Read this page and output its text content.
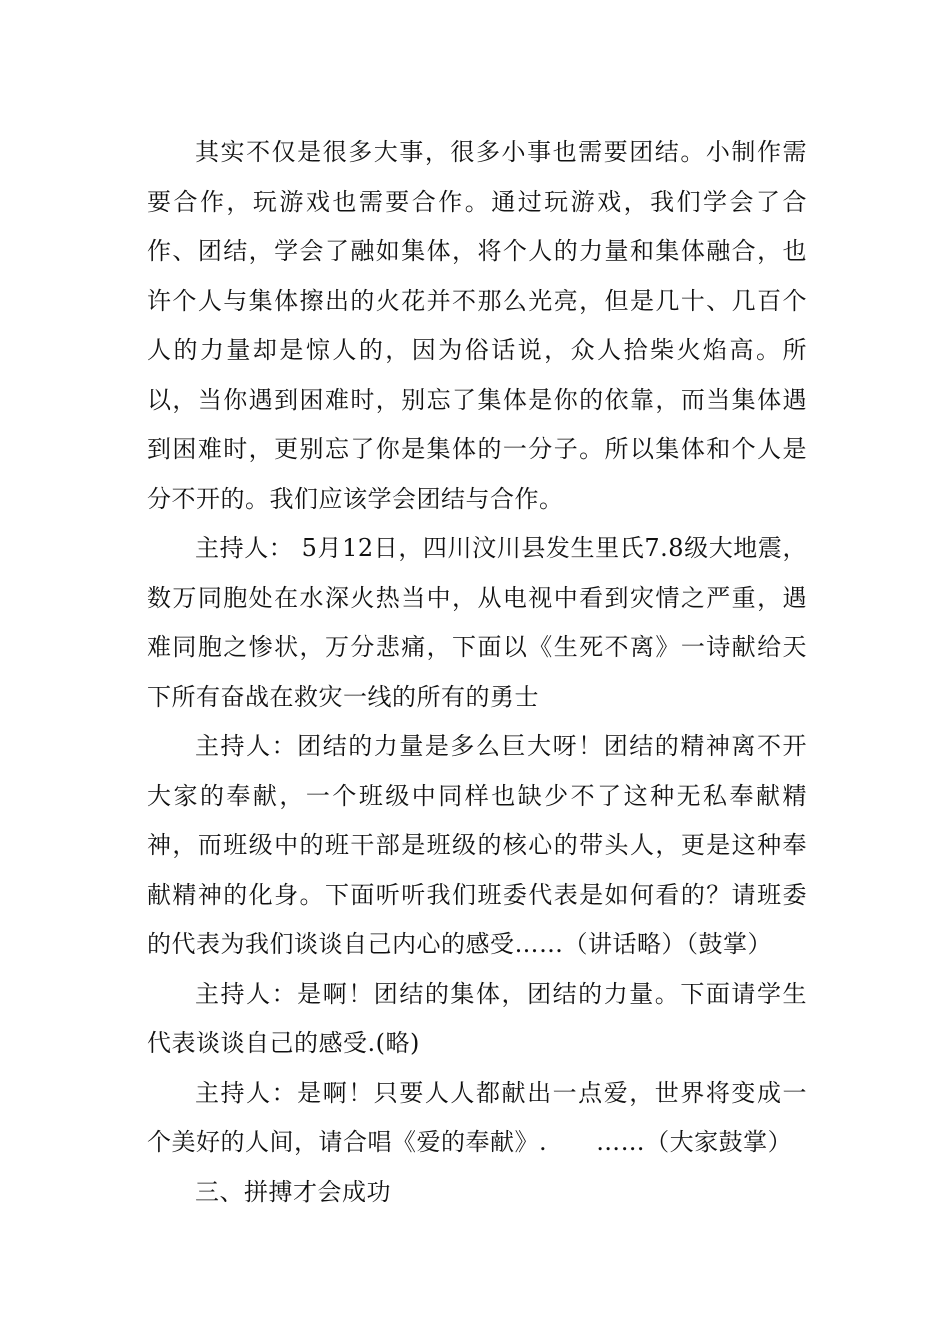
其实不仅是很多大事，很多小事也需要团结。小制作需要合作，玩游戏也需要合作。通过玩游戏，我们学会了合作、团结，学会了融如集体，将个人的力量和集体融合，也许个人与集体擦出的火花并不那么光亮，但是几十、几百个人的力量却是惊人的，因为俗话说，众人拾柴火焰高。所以，当你遇到困难时，别忘了集体是你的依靠，而当集体遇到困难时，更别忘了你是集体的一分子。所以集体和个人是分不开的。我们应该学会团结与合作。

主持人： 5月12日，四川汶川县发生里氏7.8级大地震，数万同胞处在水深火热当中，从电视中看到灾情之严重，遇难同胞之惨状，万分悲痛，下面以《生死不离》一诗献给天下所有奋战在救灾一线的所有的勇士

主持人：团结的力量是多么巨大呀！团结的精神离不开大家的奉献，一个班级中同样也缺少不了这种无私奉献精神，而班级中的班干部是班级的核心的带头人，更是这种奉献精神的化身。下面听听我们班委代表是如何看的？请班委的代表为我们谈谈自己内心的感受……（讲话略）（鼓掌）

主持人：是啊！团结的集体，团结的力量。下面请学生代表谈谈自己的感受.(略)

主持人：是啊！只要人人都献出一点爱，世界将变成一个美好的人间，请合唱《爱的奉献》.　　……（大家鼓掌）

三、拼搏才会成功
